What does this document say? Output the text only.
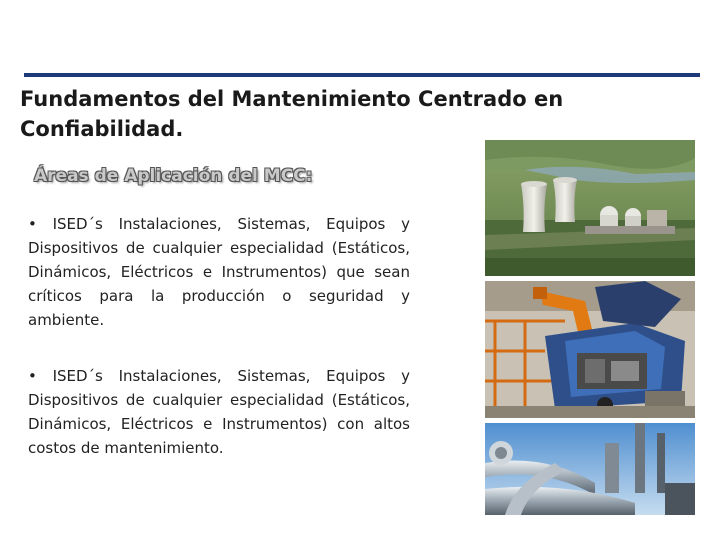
Fundamentos del Mantenimiento Centrado en Confiabilidad.
Áreas de Aplicación del MCC:
• ISED´s Instalaciones, Sistemas, Equipos y Dispositivos de cualquier especialidad (Estáticos, Dinámicos, Eléctricos e Instrumentos) que sean críticos para la producción o seguridad y ambiente.
• ISED´s Instalaciones, Sistemas, Equipos y Dispositivos de cualquier especialidad (Estáticos, Dinámicos, Eléctricos e Instrumentos) con altos costos de mantenimiento.
